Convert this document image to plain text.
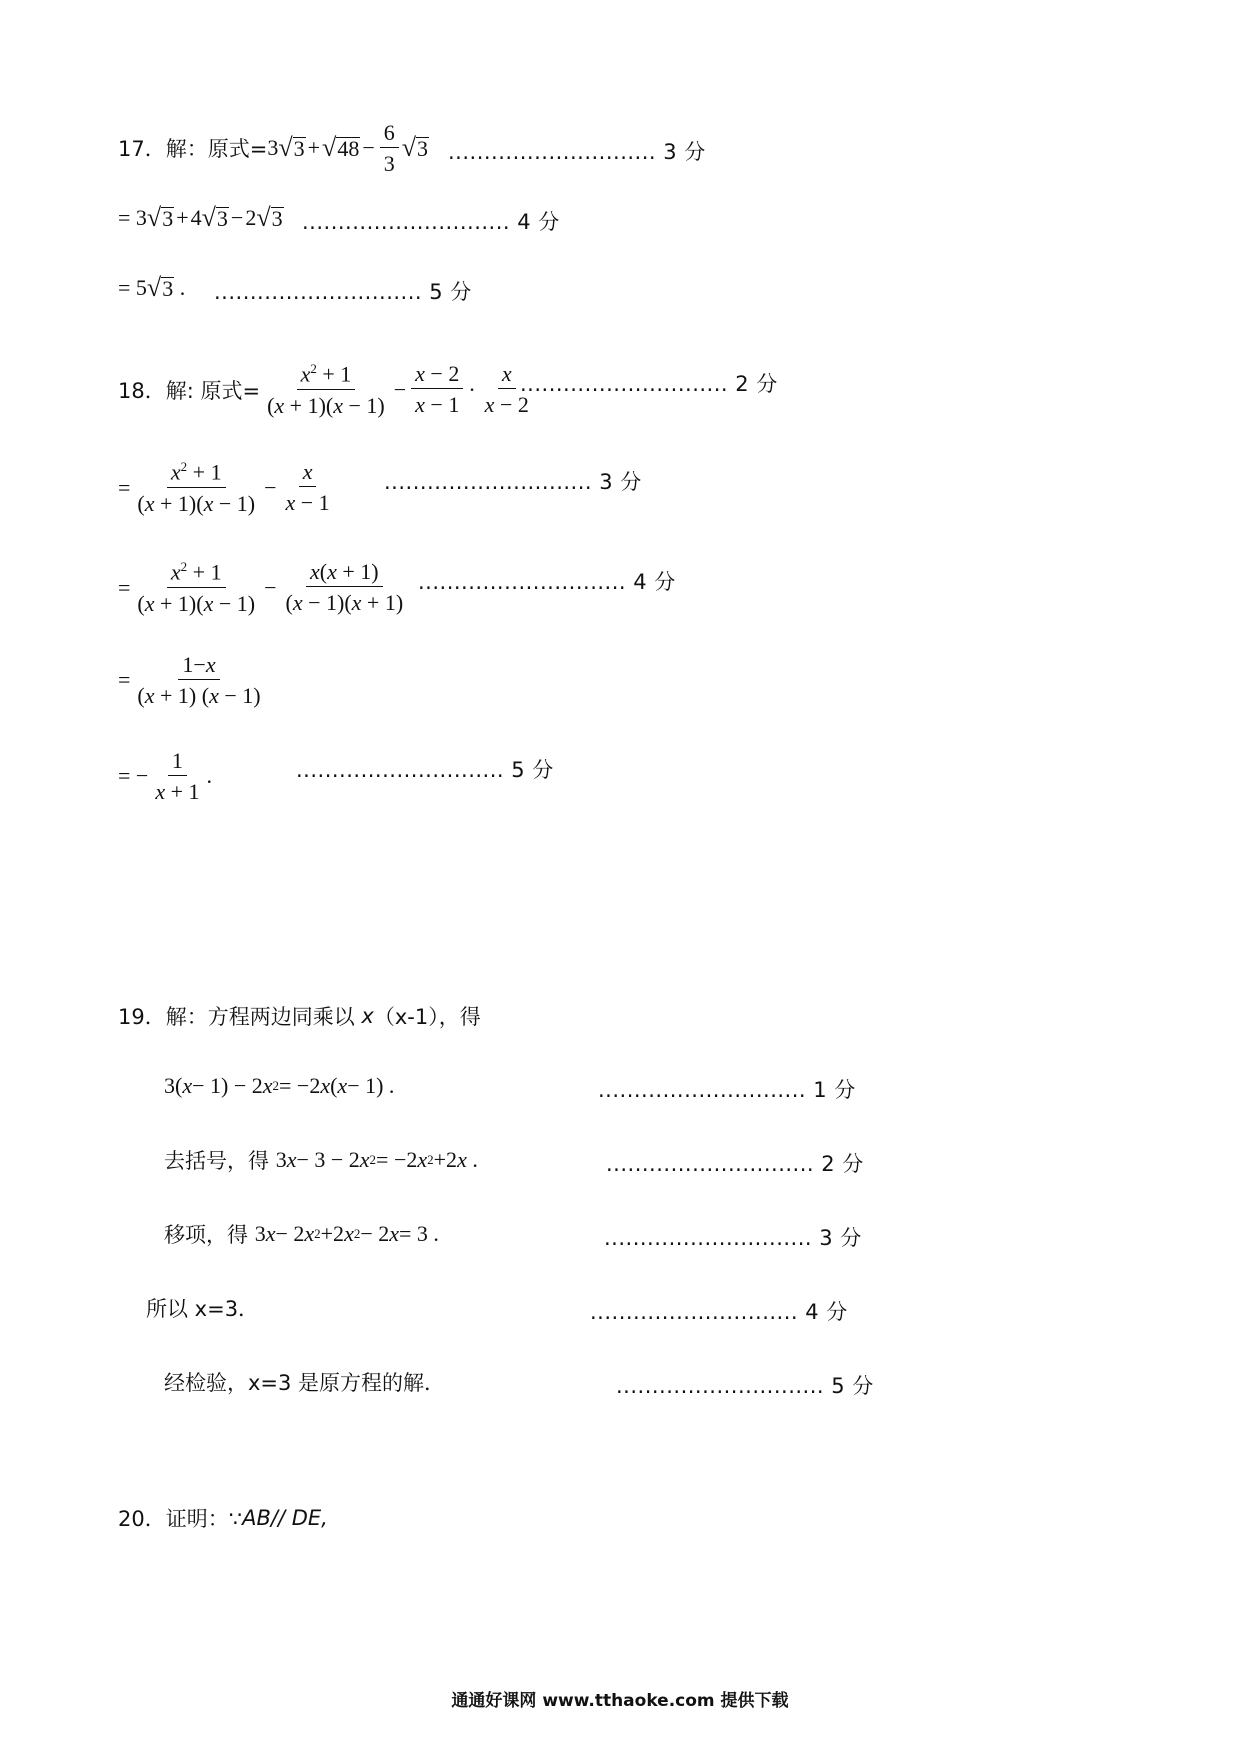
17．解：原式= 3 √ 3 + √ $48 - \frac{6}{3}$ √ 3 ............................. 3 分
= 3 √ 3 + 4 √ 3 − 2 √ 3 ............................. 4 分
= 5 √ 3 . ............................. 5 分
18．解: 原式= $\frac{x^2 + 1}{(x + 1)(x - 1)} - \frac{x - 2}{x - 1} \cdot \frac{x}{x - 2}$
............................. 2 分
= $\frac{x^2 + 1}{(x + 1)(x - 1)} - \frac{x}{x - 1}$ ............................. 3 分
= $\frac{x^2 + 1}{(x + 1)(x - 1)} - \frac{x(x + 1)}{(x - 1)(x + 1)}$ ............................. 4 分
= $\frac{1-x}{(x + 1) (x - 1)}$
= − $\frac{1}{x + 1}$ .	............................. 5 分
19．解：方程两边同乘以
x （x-1），得
3( x − 1) − 2 x 2 = −2 x ( x − 1) .	............................. 1 分
去括号，得
3 x − 3 − 2 x 2 = −2 x 2 +2 x .	............................. 2 分
移项，得
3 x − 2 x 2 +2 x 2 − 2 x = 3 .	............................. 3 分
所以 x=3．	............................. 4 分
经检验，x=3 是原方程的解．	............................. 5 分
20．证明：∵ AB// DE,
通通好课网 www.tthaoke.com 提供下载
